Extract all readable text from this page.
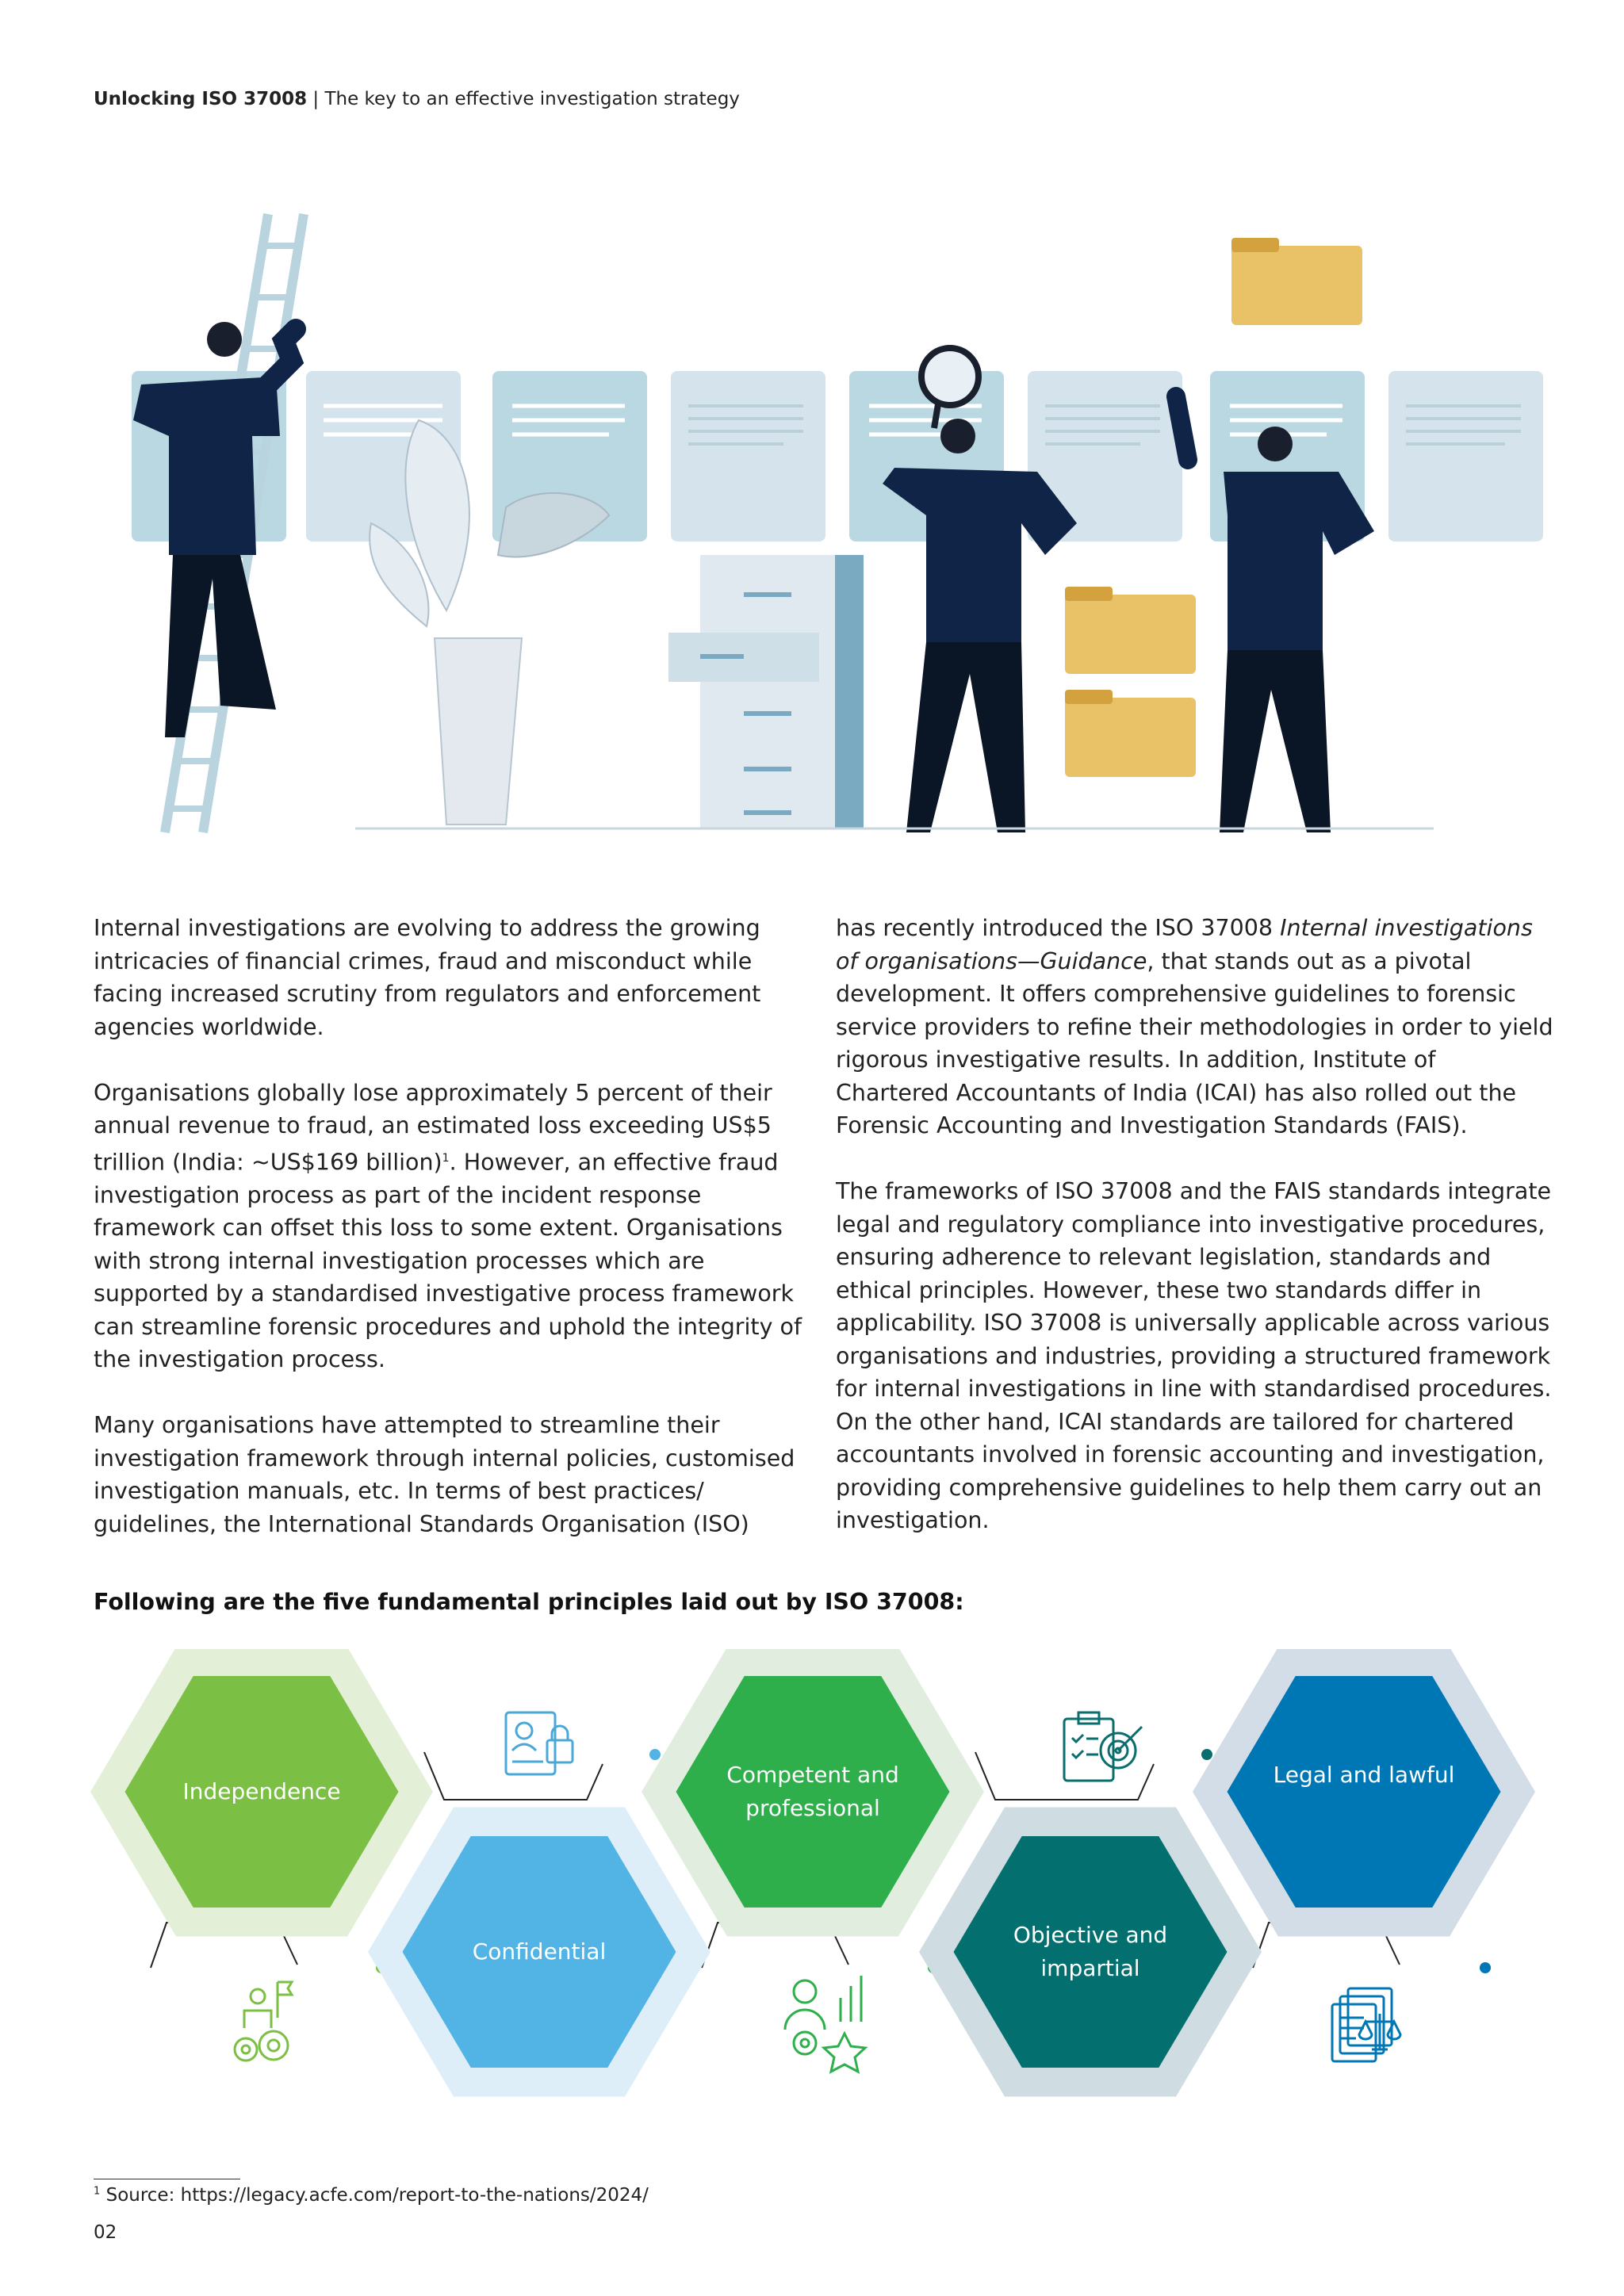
Unlocking ISO 37008 | The key to an effective investigation strategy

Internal investigations are evolving to address the growing intricacies of financial crimes, fraud and misconduct while facing increased scrutiny from regulators and enforcement agencies worldwide.

Organisations globally lose approximately 5 percent of their annual revenue to fraud, an estimated loss exceeding US$5 trillion (India: ~US$169 billion)$^1$. However, an effective fraud investigation process as part of the incident response framework can offset this loss to some extent. Organisations with strong internal investigation processes which are supported by a standardised investigative process framework can streamline forensic procedures and uphold the integrity of the investigation process.

Many organisations have attempted to streamline their investigation framework through internal policies, customised investigation manuals, etc. In terms of best practices/ guidelines, the International Standards Organisation (ISO)

has recently introduced the ISO 37008 Internal investigations of organisations—Guidance, that stands out as a pivotal development. It offers comprehensive guidelines to forensic service providers to refine their methodologies in order to yield rigorous investigative results. In addition, Institute of Chartered Accountants of India (ICAI) has also rolled out the Forensic Accounting and Investigation Standards (FAIS).

The frameworks of ISO 37008 and the FAIS standards integrate legal and regulatory compliance into investigative procedures, ensuring adherence to relevant legislation, standards and ethical principles. However, these two standards differ in applicability. ISO 37008 is universally applicable across various organisations and industries, providing a structured framework for internal investigations in line with standardised procedures. On the other hand, ICAI standards are tailored for chartered accountants involved in forensic accounting and investigation, providing comprehensive guidelines to help them carry out an investigation.

Following are the five fundamental principles laid out by ISO 37008:
Independence
Confidential
Competent and professional
Objective and impartial
Legal and lawful
$^1$ Source: https://legacy.acfe.com/report-to-the-nations/2024/
02
